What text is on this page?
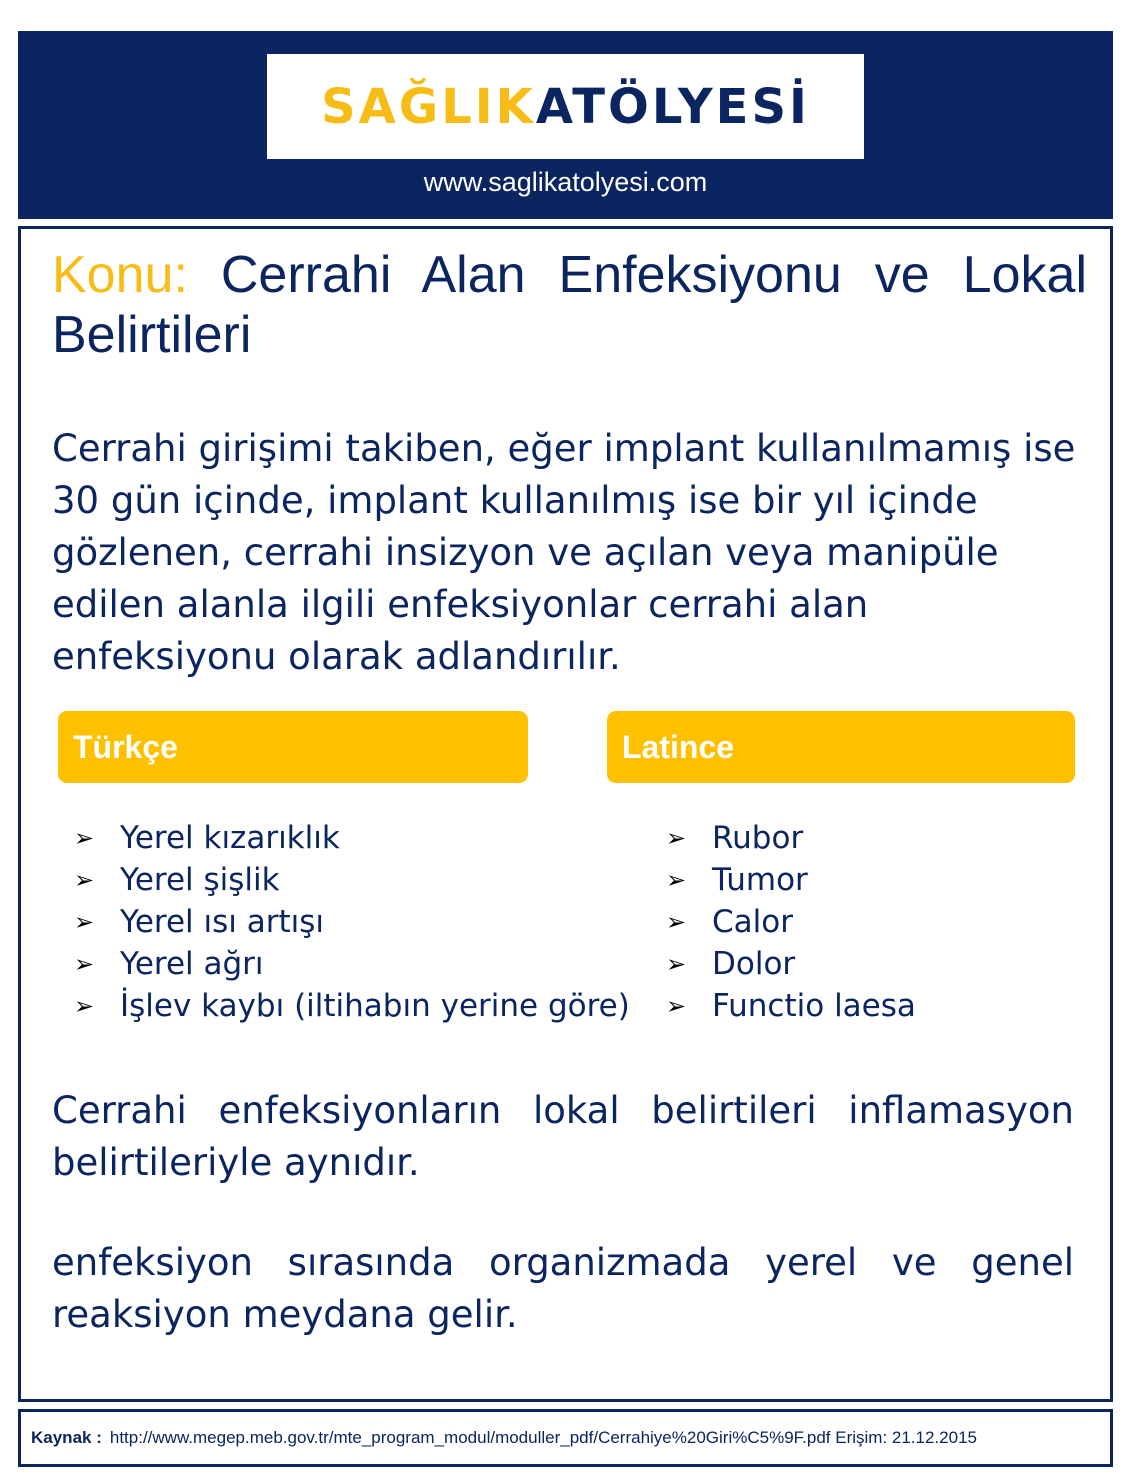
SAĞLIK ATÖLYESİ
www.saglikatolyesi.com
Konu: Cerrahi Alan Enfeksiyonu ve Lokal Belirtileri
Cerrahi girişimi takiben, eğer implant kullanılmamış ise 30 gün içinde, implant kullanılmış ise bir yıl içinde gözlenen, cerrahi insizyon ve açılan veya manipüle edilen alanla ilgili enfeksiyonlar cerrahi alan enfeksiyonu olarak adlandırılır.
Türkçe	Latince
➢ Yerel kızarıklık
➢ Yerel şişlik
➢ Yerel ısı artışı
➢ Yerel ağrı
➢ İşlev kaybı (iltihabın yerine göre)
➢ Rubor
➢ Tumor
➢ Calor
➢ Dolor
➢ Functio laesa
Cerrahi enfeksiyonların lokal belirtileri inflamasyon belirtileriyle aynıdır.
enfeksiyon sırasında organizmada yerel ve genel reaksiyon meydana gelir.
Kaynak : http://www.megep.meb.gov.tr/mte_program_modul/moduller_pdf/Cerrahiye%20Giri%C5%9F.pdf
Erişim: 21.12.2015
